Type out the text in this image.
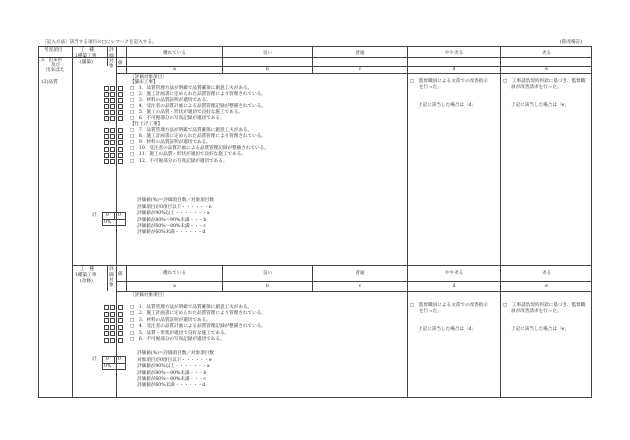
［記入方法］該当する項目の□にレマークを記入する。	(陸改場訂)
考査項目
3．出来形
及び
出来ばえ
工　種
1種築工事
(舗築)
評
価
対
象
値
優れている	良い	普通	やや劣る	劣る
a	b	c	d	e
(2)品質
［評価対象項目］
【舗床工事】
□　1．品質管理方法が明確で品質確保に創意工夫がある。
□　2．施工計画書に定められた品質管理により管理されている。
□　3．材料の品質証明が適切である。
□　4．受注者の品質計画による品質管理記録が整備されている。
□　5．施工の品質・形状が適切で良好な施工である。
□　6．不可視部分の写真記録が適切である。
【仕上げ工事】
□　7．品質管理方法が明確で品質確保に創意工夫がある。
□　8．施工計画書に定められた品質管理により管理されている。
□　9．材料の品質証明が適切である。
□　10．受注者の品質計画による品質管理記録が整備されている。
□　11．施工の品質・形状が適切で良好な施工である。
□　12．不可視部分の写真記録が適切である。
評価値(%)＝評価項目数／対象項目数
評価項目が0項目以下・・・・・・e
評価値が90%以上・・・・・・・a
評価値が80%～90%未満・・・b
評価値が60%～80%未満・・・c
評価値が60%未満・・・・・・d
計 0 0
0%
□　監督職員による文書での改善指示
を行った。
上記に該当した場合は「d」
□　工事請負契約約款に基づき、監督職
員が改善請求を行った。
上記に該当した場合は「e」
工　種
1種築工事
(改修)
評
価
対
象
値	優れている	良い	普通	やや劣る	劣る
a	b	c	d	e
［評価対象項目］
□　1．品質管理方法が明確で品質確保に創意工夫がある。
□　2．施工計画書に定められた品質管理により管理されている。
□　3．材料の品質証明が適切である。
□　4．受注者の品質計画による品質管理記録が整備されている。
□　5．品質・形状が適切で良好な施工である。
□　6．不可視部分の写真記録が適切である。
評価値(%)＝評価項目数／対象項目数
対象項目が0項目以下・・・・・・e
評価値が90%以上・・・・・・・a
評価値が80%～90%未満・・・b
評価値が60%～80%未満・・・c
評価値が60%未満・・・・・・d
計 0 0
0%
□　監督職員による文書での改善指示
を行った。
上記に該当した場合は「d」
□　工事請負契約約款に基づき、監督職
員が改善請求を行った。
上記に該当した場合は「e」
